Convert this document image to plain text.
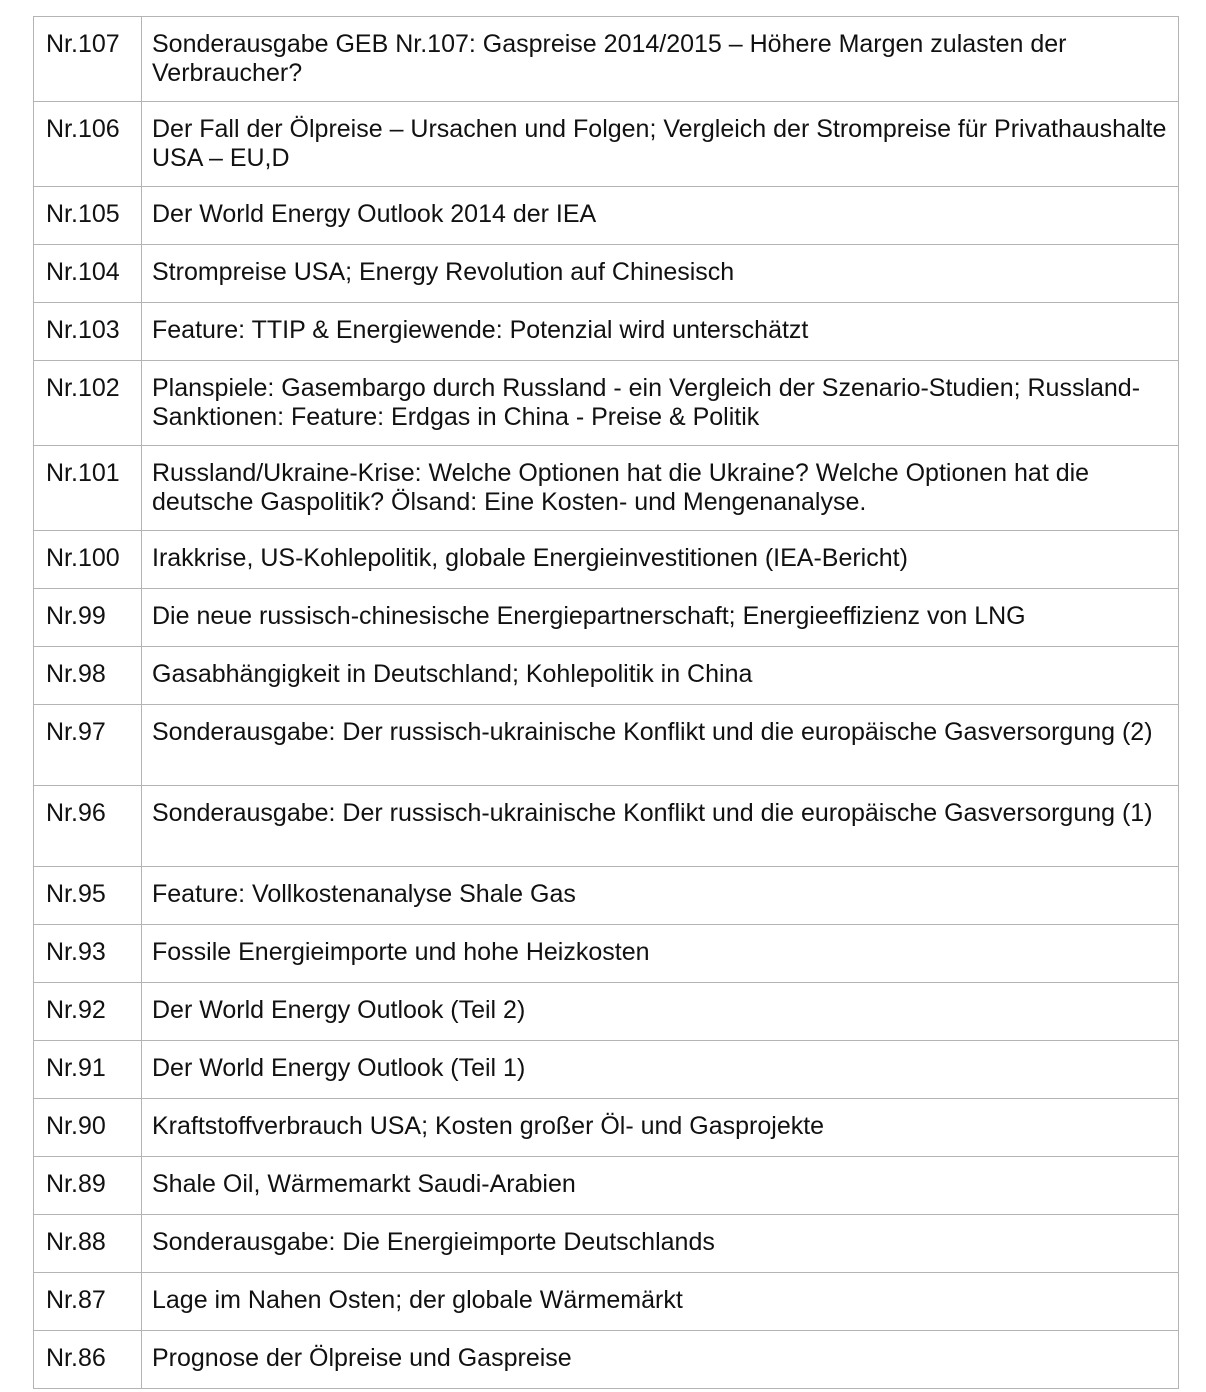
Nr.107	Sonderausgabe GEB Nr.107: Gaspreise 2014/2015 – Höhere Margen zulasten der Verbraucher?
Nr.106	Der Fall der Ölpreise – Ursachen und Folgen; Vergleich der Strompreise für Privathaushalte USA – EU,D
Nr.105	Der World Energy Outlook 2014 der IEA
Nr.104	Strompreise USA; Energy Revolution auf Chinesisch
Nr.103	Feature: TTIP & Energiewende: Potenzial wird unterschätzt
Nr.102	Planspiele: Gasembargo durch Russland - ein Vergleich der Szenario-Studien; Russland-Sanktionen: Feature: Erdgas in China - Preise & Politik
Nr.101	Russland/Ukraine-Krise: Welche Optionen hat die Ukraine? Welche Optionen hat die deutsche Gaspolitik? Ölsand: Eine Kosten- und Mengenanalyse.
Nr.100	Irakkrise, US-Kohlepolitik, globale Energieinvestitionen (IEA-Bericht)
Nr.99	Die neue russisch-chinesische Energiepartnerschaft; Energieeffizienz von LNG
Nr.98	Gasabhängigkeit in Deutschland; Kohlepolitik in China
Nr.97	Sonderausgabe: Der russisch-ukrainische Konflikt und die europäische Gasversorgung (2)
Nr.96	Sonderausgabe: Der russisch-ukrainische Konflikt und die europäische Gasversorgung (1)
Nr.95	Feature: Vollkostenanalyse Shale Gas
Nr.93	Fossile Energieimporte und hohe Heizkosten
Nr.92	Der World Energy Outlook (Teil 2)
Nr.91	Der World Energy Outlook (Teil 1)
Nr.90	Kraftstoffverbrauch USA; Kosten großer Öl- und Gasprojekte
Nr.89	Shale Oil, Wärmemarkt Saudi-Arabien
Nr.88	Sonderausgabe: Die Energieimporte Deutschlands
Nr.87	Lage im Nahen Osten; der globale Wärmemärkt
Nr.86	Prognose der Ölpreise und Gaspreise
